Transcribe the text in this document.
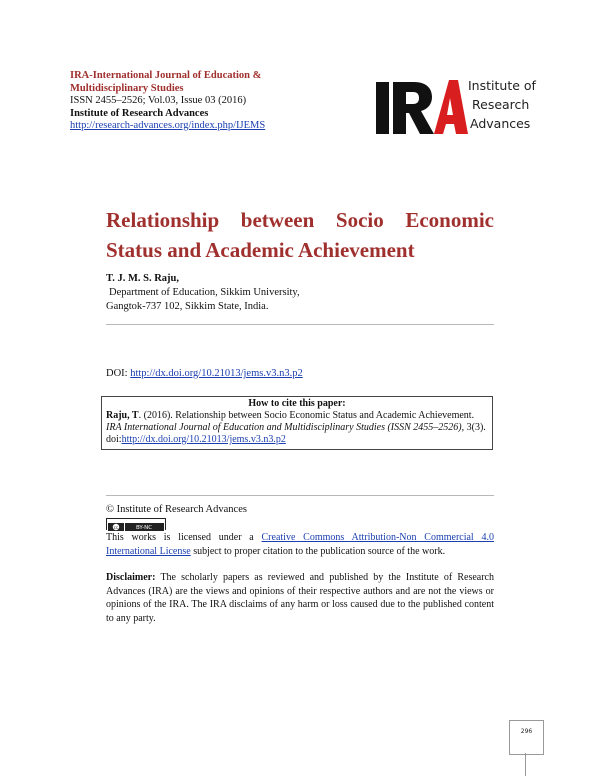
IRA-International Journal of Education &
Multidisciplinary Studies
ISSN 2455–2526; Vol.03, Issue 03 (2016)
Institute of Research Advances
http://research-advances.org/index.php/IJEMS
Institute of
Research
Advances
Relationship between Socio Economic Status and Academic Achievement
T. J. M. S. Raju,
Department of Education, Sikkim University,
Gangtok-737 102, Sikkim State, India.
DOI: http://dx.doi.org/10.21013/jems.v3.n3.p2
How to cite this paper:
Raju, T. (2016). Relationship between Socio Economic Status and Academic Achievement. IRA International Journal of Education and Multidisciplinary Studies (ISSN 2455–2526), 3(3). doi:http://dx.doi.org/10.21013/jems.v3.n3.p2
© Institute of Research Advances
cc	BY-NC
This works is licensed under a Creative Commons Attribution-Non Commercial 4.0 International License subject to proper citation to the publication source of the work.
Disclaimer: The scholarly papers as reviewed and published by the Institute of Research Advances (IRA) are the views and opinions of their respective authors and are not the views or opinions of the IRA. The IRA disclaims of any harm or loss caused due to the published content to any party.
296
